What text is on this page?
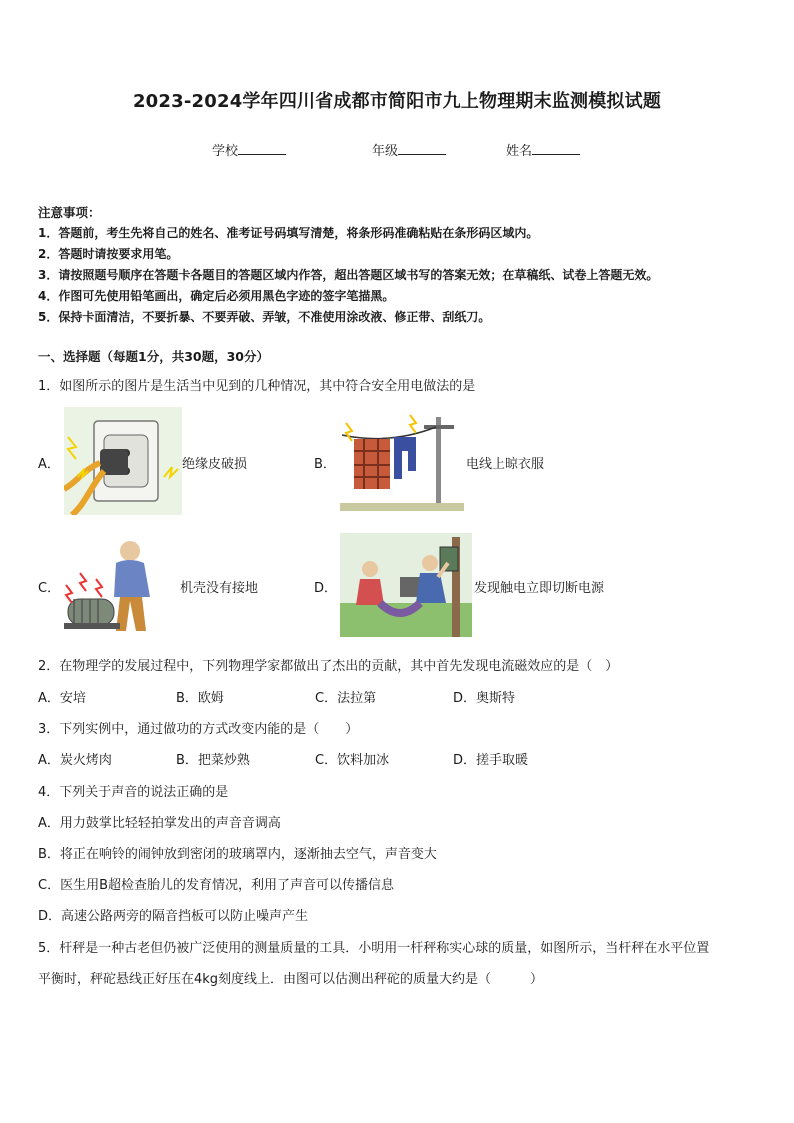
2023-2024学年四川省成都市简阳市九上物理期末监测模拟试题
学校	年级	姓名
注意事项：
1．答题前，考生先将自己的姓名、准考证号码填写清楚，将条形码准确粘贴在条形码区域内。
2．答题时请按要求用笔。
3．请按照题号顺序在答题卡各题目的答题区域内作答，超出答题区域书写的答案无效；在草稿纸、试卷上答题无效。
4．作图可先使用铅笔画出，确定后必须用黑色字迹的签字笔描黑。
5．保持卡面清洁，不要折暴、不要弄破、弄皱，不准使用涂改液、修正带、刮纸刀。
一、选择题（每题1分，共30题，30分）
1．如图所示的图片是生活当中见到的几种情况，其中符合安全用电做法的是
A．	绝缘皮破损	B．	电线上晾衣服
C．	机壳没有接地	D．	发现触电立即切断电源
2．在物理学的发展过程中，下列物理学家都做出了杰出的贡献，其中首先发现电流磁效应的是（　）
A．安培	B．欧姆	C．法拉第	D．奥斯特
3．下列实例中，通过做功的方式改变内能的是（　　）
A．炭火烤肉	B．把菜炒熟	C．饮料加冰	D．搓手取暖
4．下列关于声音的说法正确的是
A．用力鼓掌比轻轻拍掌发出的声音音调高
B．将正在响铃的闹钟放到密闭的玻璃罩内，逐渐抽去空气，声音变大
C．医生用B超检查胎儿的发育情况，利用了声音可以传播信息
D．高速公路两旁的隔音挡板可以防止噪声产生
5．杆秤是一种古老但仍被广泛使用的测量质量的工具．小明用一杆秤称实心球的质量，如图所示，当杆秤在水平位置
平衡时，秤砣悬线正好压在4kg刻度线上．由图可以估测出秤砣的质量大约是（　　　）
